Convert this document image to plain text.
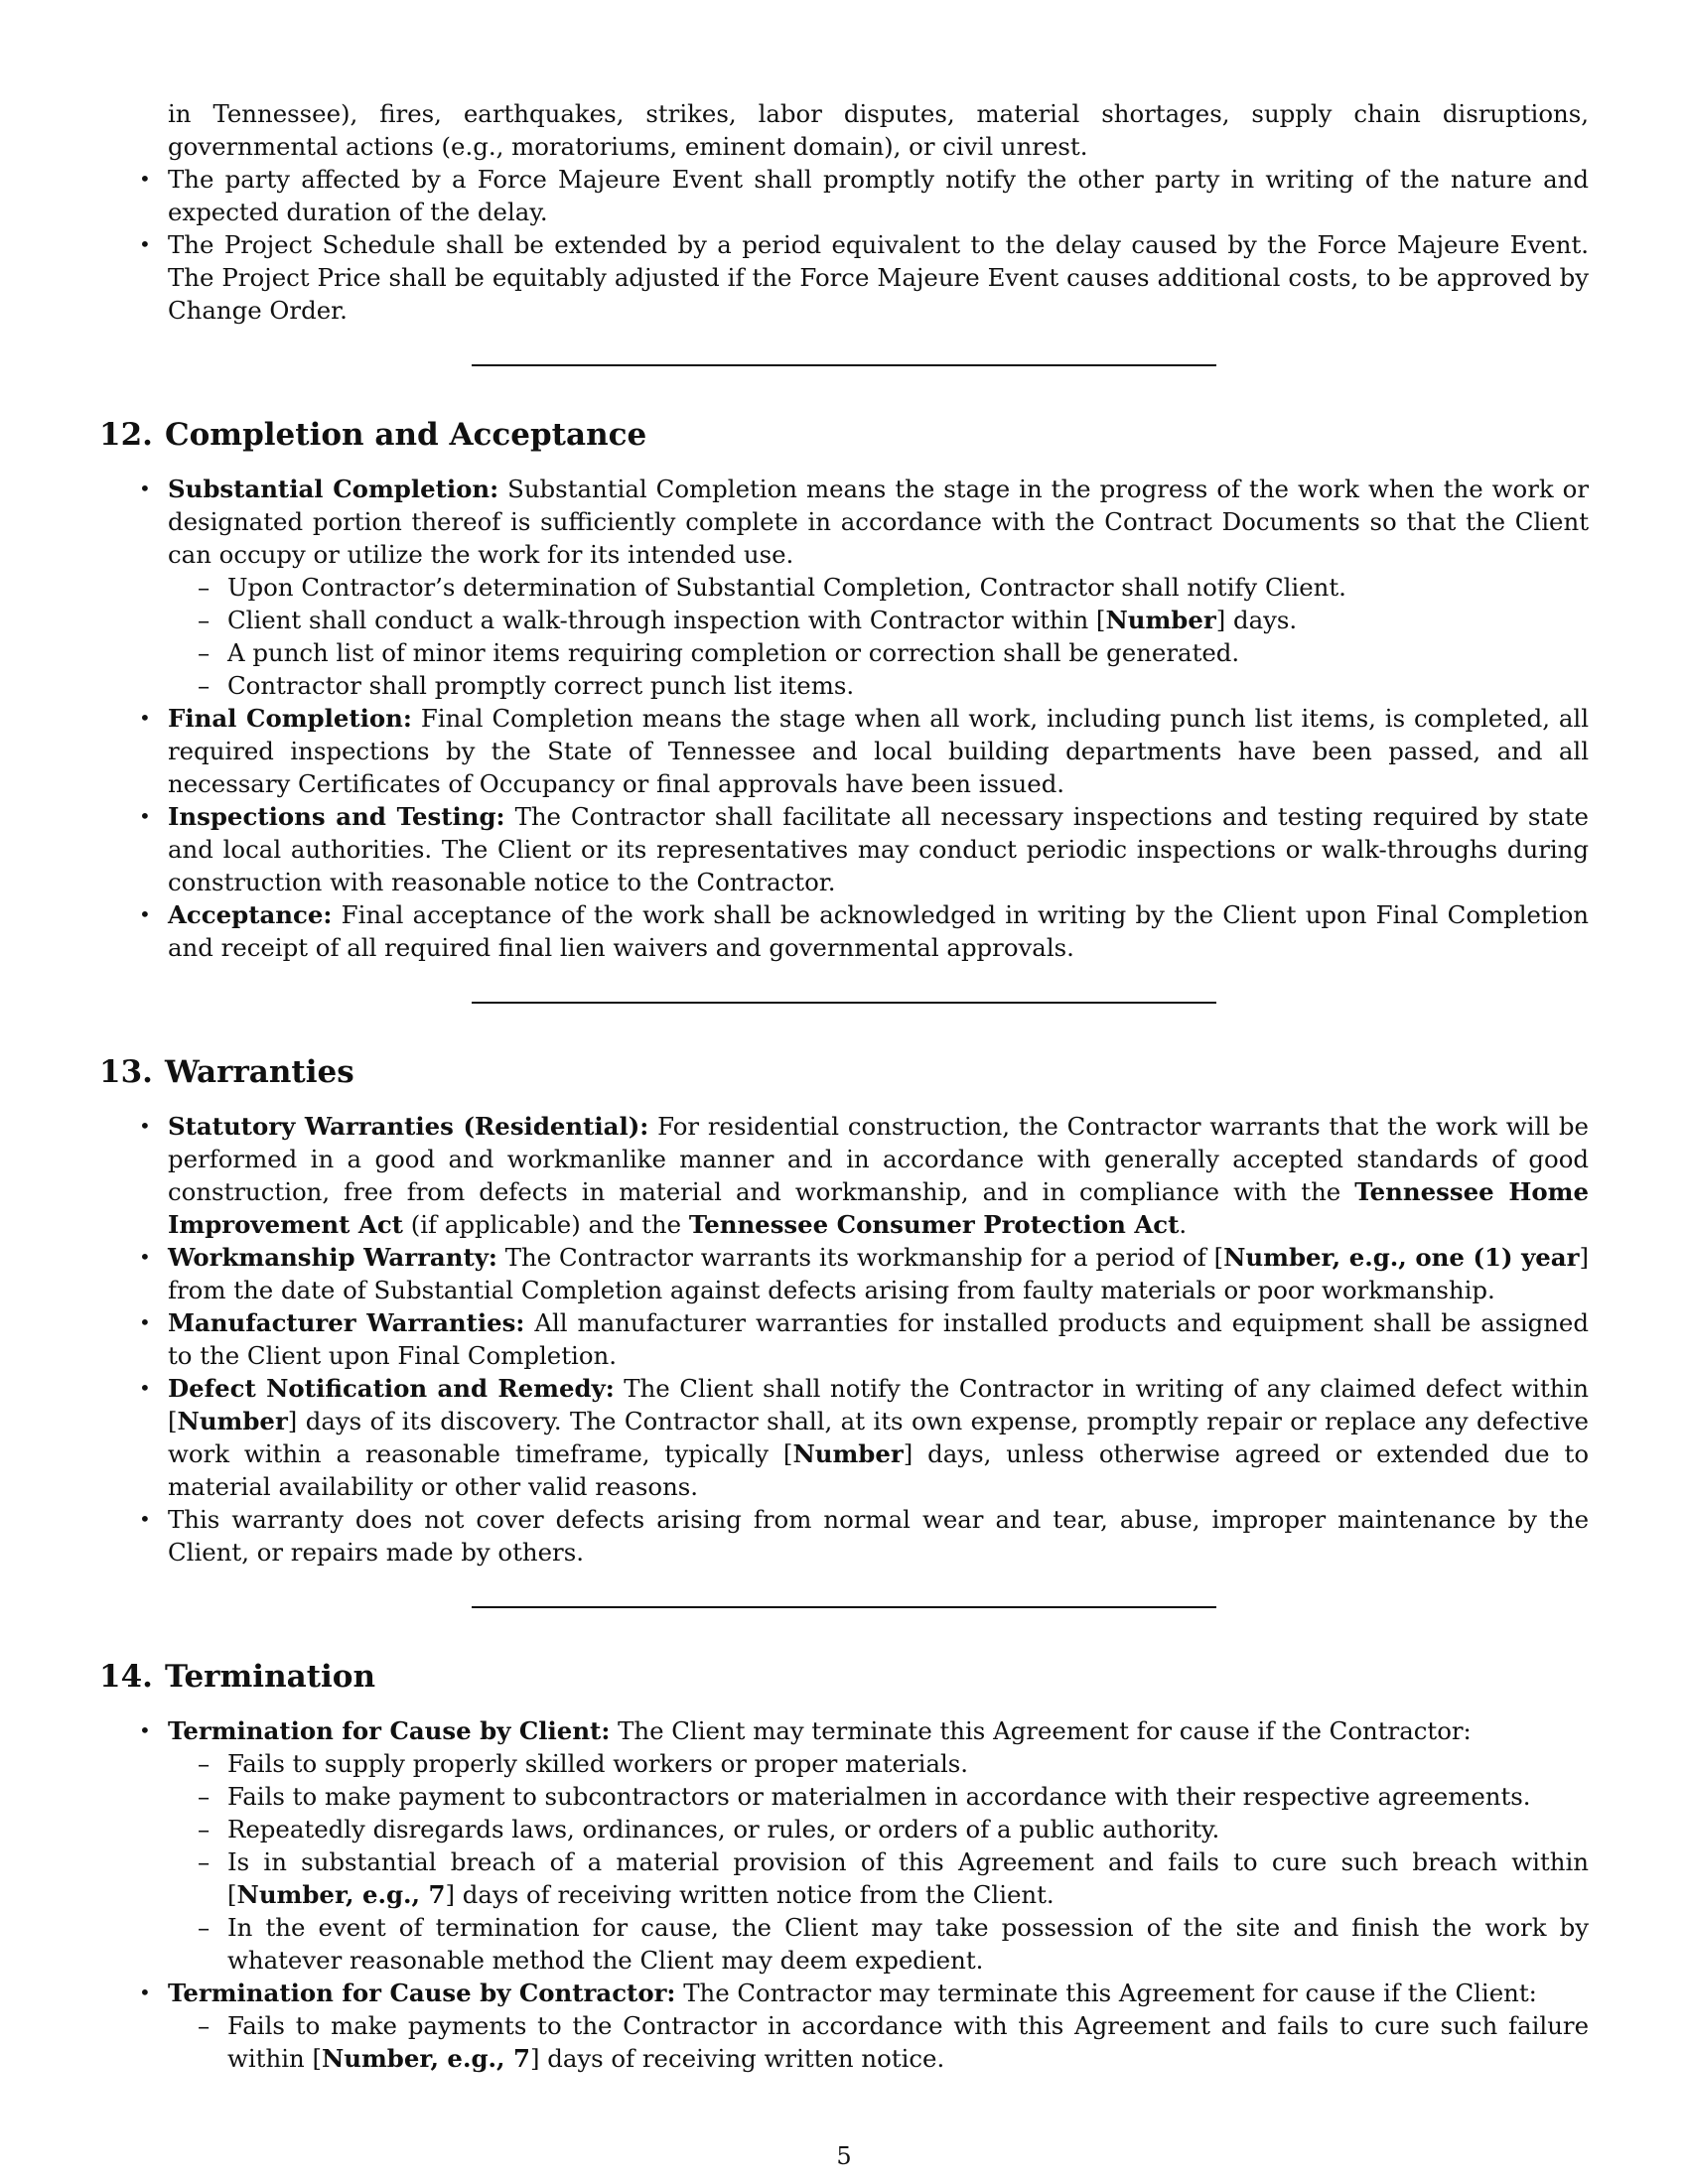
in Tennessee), fires, earthquakes, strikes, labor disputes, material shortages, supply chain disruptions, governmental actions (e.g., moratoriums, eminent domain), or civil unrest.
• The party affected by a Force Majeure Event shall promptly notify the other party in writing of the nature and expected duration of the delay.
• The Project Schedule shall be extended by a period equivalent to the delay caused by the Force Majeure Event. The Project Price shall be equitably adjusted if the Force Majeure Event causes additional costs, to be approved by Change Order.
12. Completion and Acceptance
• Substantial Completion: Substantial Completion means the stage in the progress of the work when the work or designated portion thereof is sufficiently complete in accordance with the Contract Documents so that the Client can occupy or utilize the work for its intended use.
– Upon Contractor’s determination of Substantial Completion, Contractor shall notify Client.
– Client shall conduct a walk-through inspection with Contractor within [Number] days.
– A punch list of minor items requiring completion or correction shall be generated.
– Contractor shall promptly correct punch list items.
• Final Completion: Final Completion means the stage when all work, including punch list items, is completed, all required inspections by the State of Tennessee and local building departments have been passed, and all necessary Certificates of Occupancy or final approvals have been issued.
• Inspections and Testing: The Contractor shall facilitate all necessary inspections and testing required by state and local authorities. The Client or its representatives may conduct periodic inspections or walk-throughs during construction with reasonable notice to the Contractor.
• Acceptance: Final acceptance of the work shall be acknowledged in writing by the Client upon Final Completion and receipt of all required final lien waivers and governmental approvals.
13. Warranties
• Statutory Warranties (Residential): For residential construction, the Contractor warrants that the work will be performed in a good and workmanlike manner and in accordance with generally accepted standards of good construction, free from defects in material and workmanship, and in compliance with the Tennessee Home Improvement Act (if applicable) and the Tennessee Consumer Protection Act.
• Workmanship Warranty: The Contractor warrants its workmanship for a period of [Number, e.g., one (1) year] from the date of Substantial Completion against defects arising from faulty materials or poor workmanship.
• Manufacturer Warranties: All manufacturer warranties for installed products and equipment shall be assigned to the Client upon Final Completion.
• Defect Notification and Remedy: The Client shall notify the Contractor in writing of any claimed defect within [Number] days of its discovery. The Contractor shall, at its own expense, promptly repair or replace any defective work within a reasonable timeframe, typically [Number] days, unless otherwise agreed or extended due to material availability or other valid reasons.
• This warranty does not cover defects arising from normal wear and tear, abuse, improper maintenance by the Client, or repairs made by others.
14. Termination
• Termination for Cause by Client: The Client may terminate this Agreement for cause if the Contractor:
– Fails to supply properly skilled workers or proper materials.
– Fails to make payment to subcontractors or materialmen in accordance with their respective agreements.
– Repeatedly disregards laws, ordinances, or rules, or orders of a public authority.
– Is in substantial breach of a material provision of this Agreement and fails to cure such breach within [Number, e.g., 7] days of receiving written notice from the Client.
– In the event of termination for cause, the Client may take possession of the site and finish the work by whatever reasonable method the Client may deem expedient.
• Termination for Cause by Contractor: The Contractor may terminate this Agreement for cause if the Client:
– Fails to make payments to the Contractor in accordance with this Agreement and fails to cure such failure within [Number, e.g., 7] days of receiving written notice.
5
